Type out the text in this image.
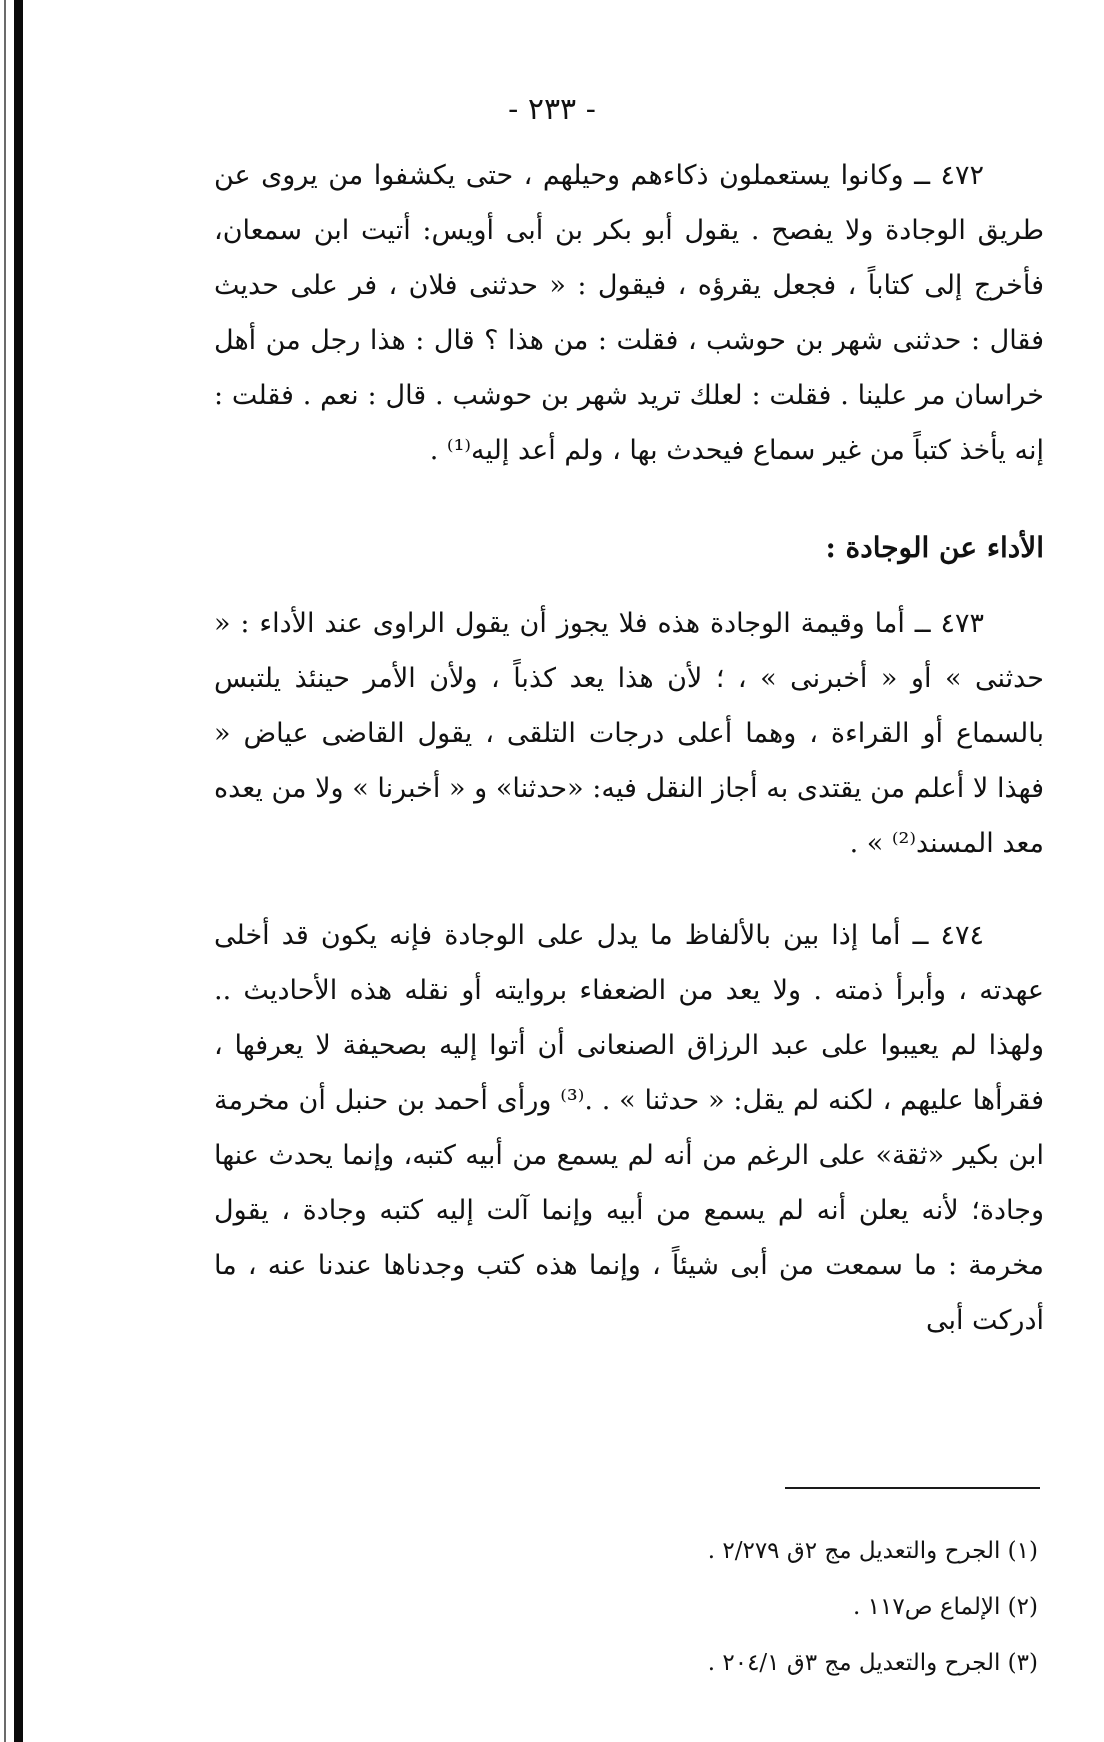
- ٢٣٣ -

٤٧٢ ــ وكانوا يستعملون ذكاءهم وحيلهم ، حتى يكشفوا من يروى عن طريق الوجادة ولا يفصح . يقول أبو بكر بن أبى أويس: أتيت ابن سمعان، فأخرج إلى كتاباً ، فجعل يقرؤه ، فيقول : « حدثنى فلان ، فر على حديث فقال : حدثنى شهر بن حوشب ، فقلت : من هذا ؟ قال : هذا رجل من أهل خراسان مر علينا . فقلت : لعلك تريد شهر بن حوشب . قال : نعم . فقلت : إنه يأخذ كتباً من غير سماع فيحدث بها ، ولم أعد إليه⁽¹⁾ .

الأداء عن الوجادة :

٤٧٣ ــ أما وقيمة الوجادة هذه فلا يجوز أن يقول الراوى عند الأداء : « حدثنى » أو « أخبرنى » ، ؛ لأن هذا يعد كذباً ، ولأن الأمر حينئذ يلتبس بالسماع أو القراءة ، وهما أعلى درجات التلقى ، يقول القاضى عياض « فهذا لا أعلم من يقتدى به أجاز النقل فيه: «حدثنا» و « أخبرنا » ولا من يعده معد المسند⁽²⁾ » .

٤٧٤ ــ أما إذا بين بالألفاظ ما يدل على الوجادة فإنه يكون قد أخلى عهدته ، وأبرأ ذمته . ولا يعد من الضعفاء بروايته أو نقله هذه الأحاديث .. ولهذا لم يعيبوا على عبد الرزاق الصنعانى أن أتوا إليه بصحيفة لا يعرفها ، فقرأها عليهم ، لكنه لم يقل: « حدثنا » . .⁽³⁾ ورأى أحمد بن حنبل أن مخرمة ابن بكير «ثقة» على الرغم من أنه لم يسمع من أبيه كتبه، وإنما يحدث عنها وجادة؛ لأنه يعلن أنه لم يسمع من أبيه وإنما آلت إليه كتبه وجادة ، يقول مخرمة : ما سمعت من أبى شيئاً ، وإنما هذه كتب وجدناها عندنا عنه ، ما أدركت أبى

(١) الجرح والتعديل مج ٢ق ٢/٢٧٩ .

(٢) الإلماع ص١١٧ .

(٣) الجرح والتعديل مج ٣ق ٢٠٤/١ .
